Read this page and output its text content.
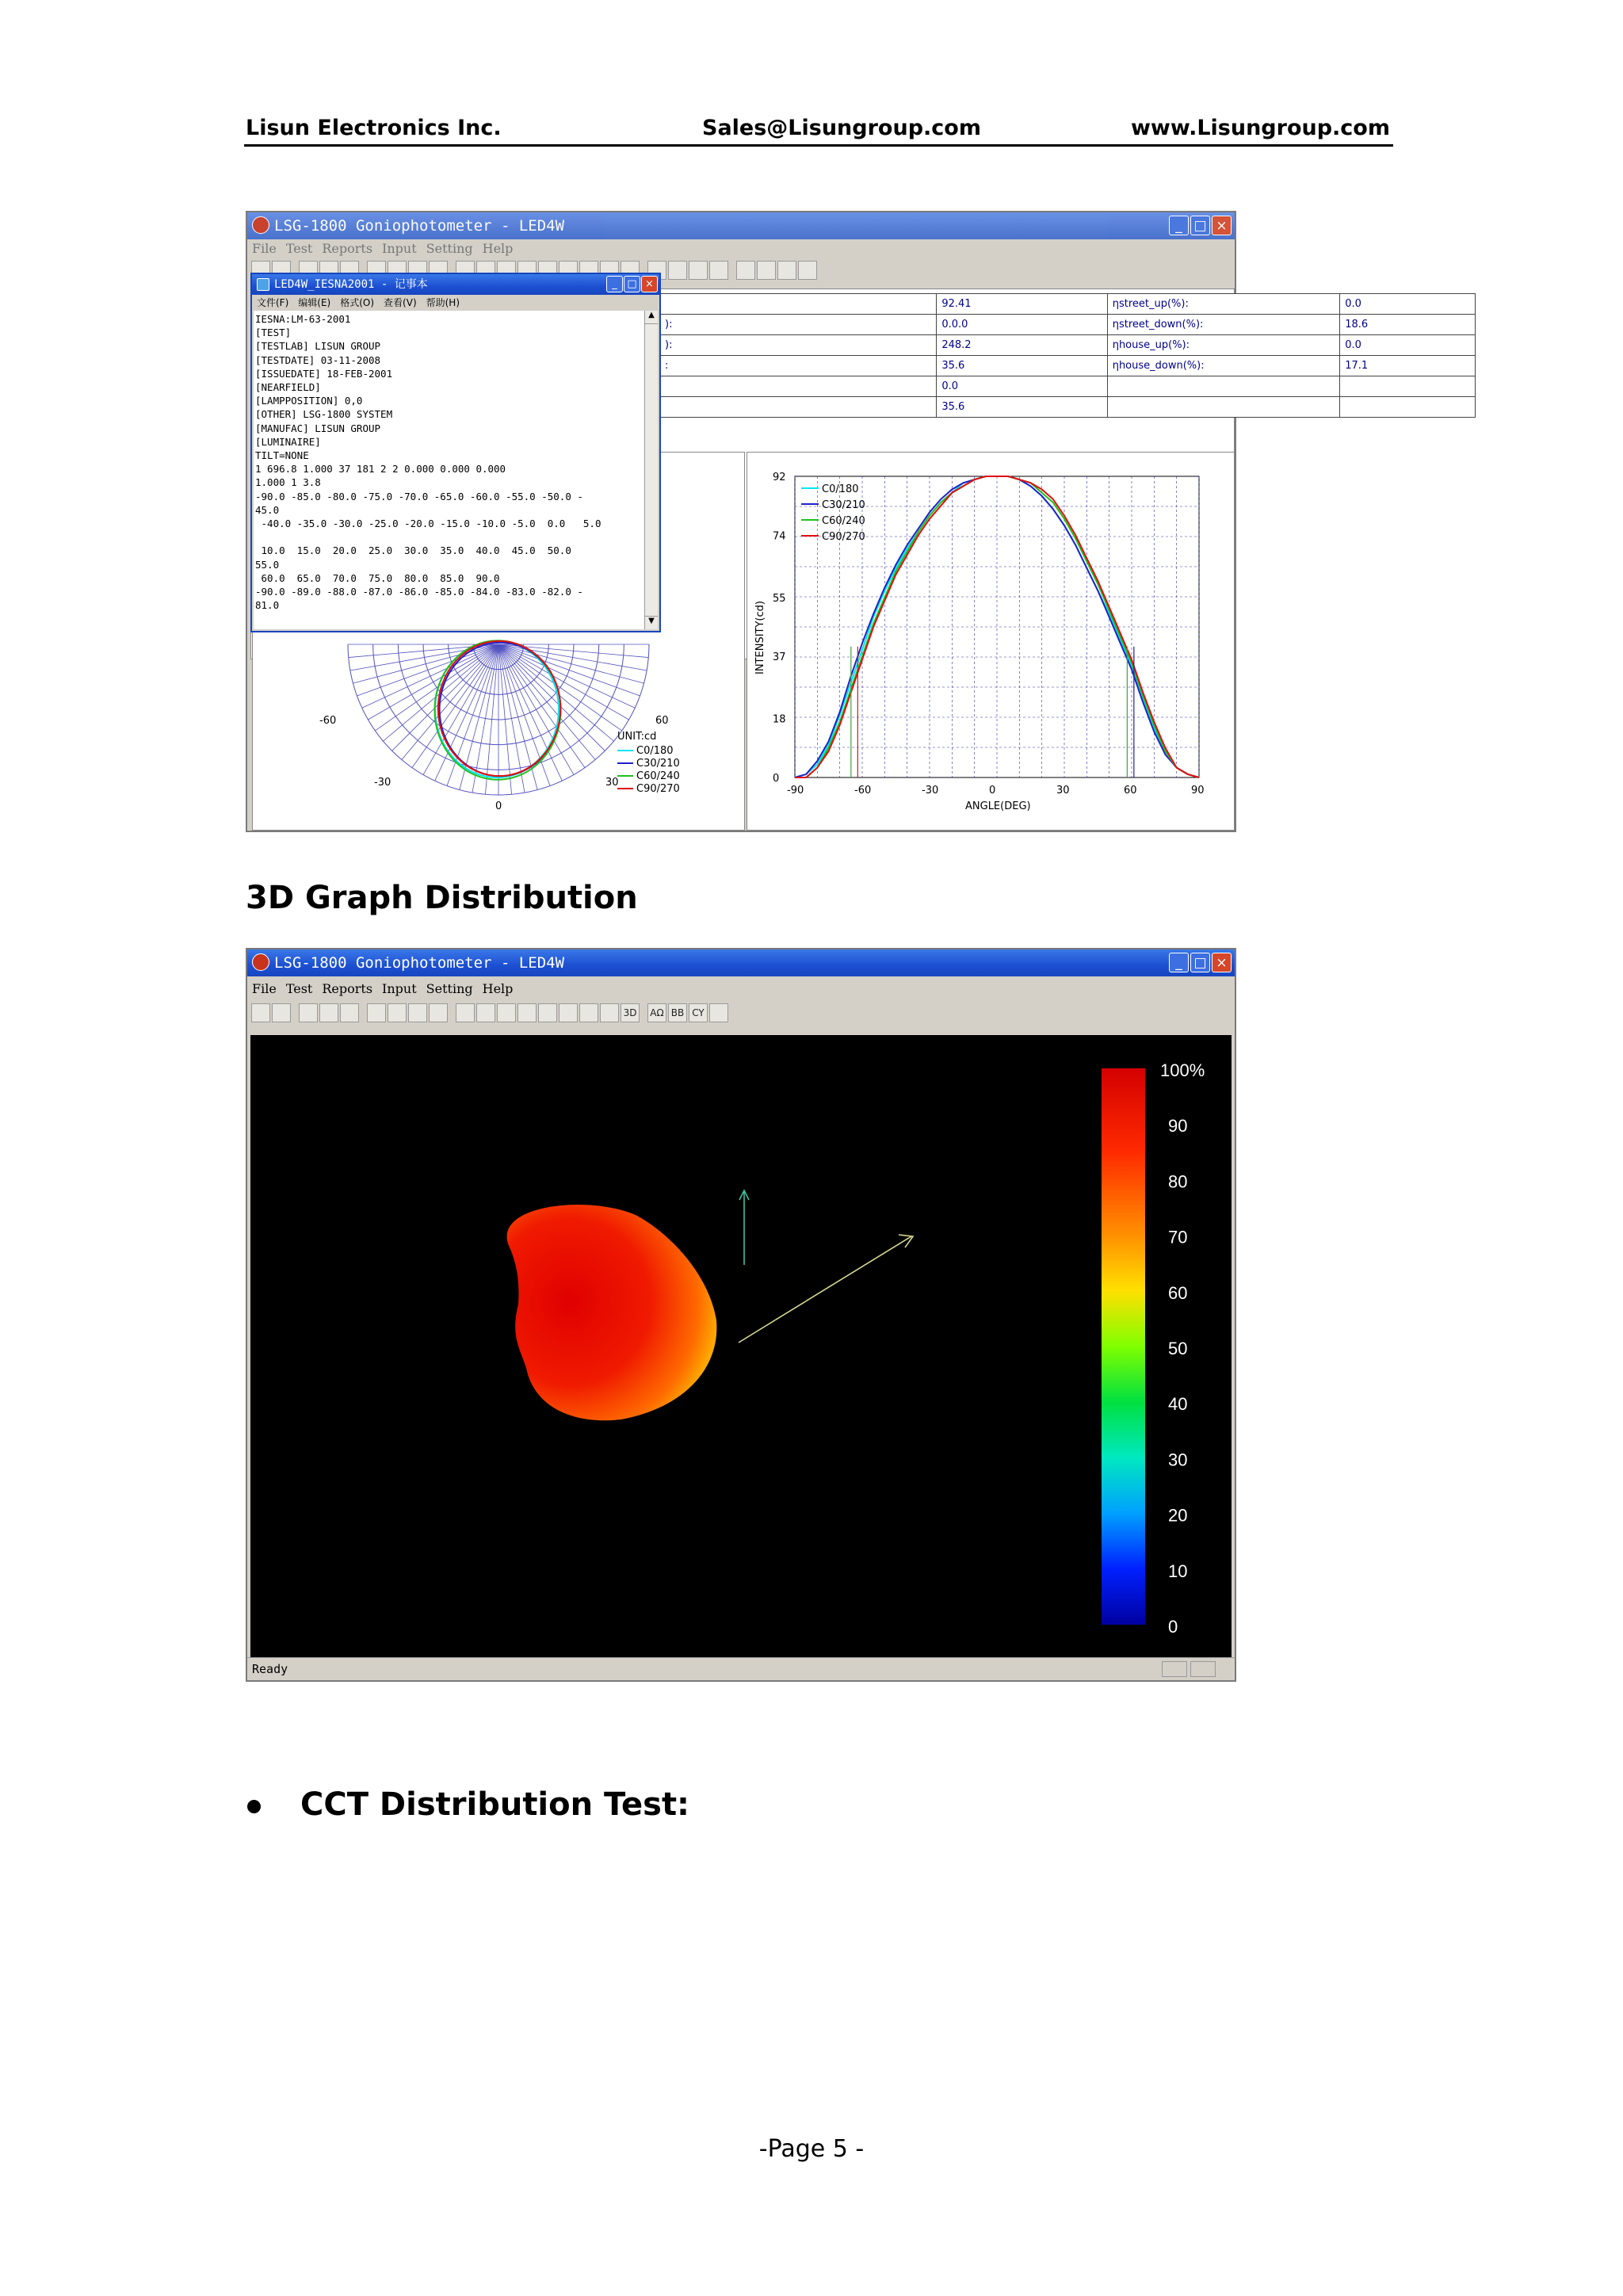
Lisun Electronics Inc.	Sales@Lisungroup.com	www.Lisungroup.com
LSG-1800 Goniophotometer - LED4W	_ □ ×
File Test Reports Input Setting Help
	92.41	ηstreet_up(%):	0.0
):	0.0.0	ηstreet_down(%):	18.6
):	248.2	ηhouse_up(%):	0.0
:	35.6	ηhouse_down(%):	17.1
	0.0		
	35.6		
-60	60
-30	30
0
UNIT:cd
C0/180
C30/210
C60/240
C90/270	-90	-60	-30	0	30	60	90
0
18
37
55
74
92
ANGLE(DEG)
INTENSITY(cd)
C0/180
C30/210
C60/240
C90/270
LED4W_IESNA2001 - 记事本	_ □ ×
文件(F) 编辑(E) 格式(O) 查看(V) 帮助(H)
IESNA:LM-63-2001
[TEST]
[TESTLAB] LISUN GROUP
[TESTDATE] 03-11-2008
[ISSUEDATE] 18-FEB-2001
[NEARFIELD]
[LAMPPOSITION] 0,0
[OTHER] LSG-1800 SYSTEM
[MANUFAC] LISUN GROUP
[LUMINAIRE]
TILT=NONE
1 696.8 1.000 37 181 2 2 0.000 0.000 0.000
1.000 1 3.8
-90.0 -85.0 -80.0 -75.0 -70.0 -65.0 -60.0 -55.0 -50.0 -
45.0
-40.0 -35.0 -30.0 -25.0 -20.0 -15.0 -10.0 -5.0  0.0   5.0

10.0  15.0  20.0  25.0  30.0  35.0  40.0  45.0  50.0
55.0
60.0  65.0  70.0  75.0  80.0  85.0  90.0
-90.0 -89.0 -88.0 -87.0 -86.0 -85.0 -84.0 -83.0 -82.0 -
81.0
▲
▼
3D Graph Distribution
LSG-1800 Goniophotometer - LED4W	_ □ ×
File Test Reports Input Setting Help
3D AΩ BB CY
100%
90
80
70
60
50
40
30
20
10
0
Ready
CCT Distribution Test:
-Page 5 -
